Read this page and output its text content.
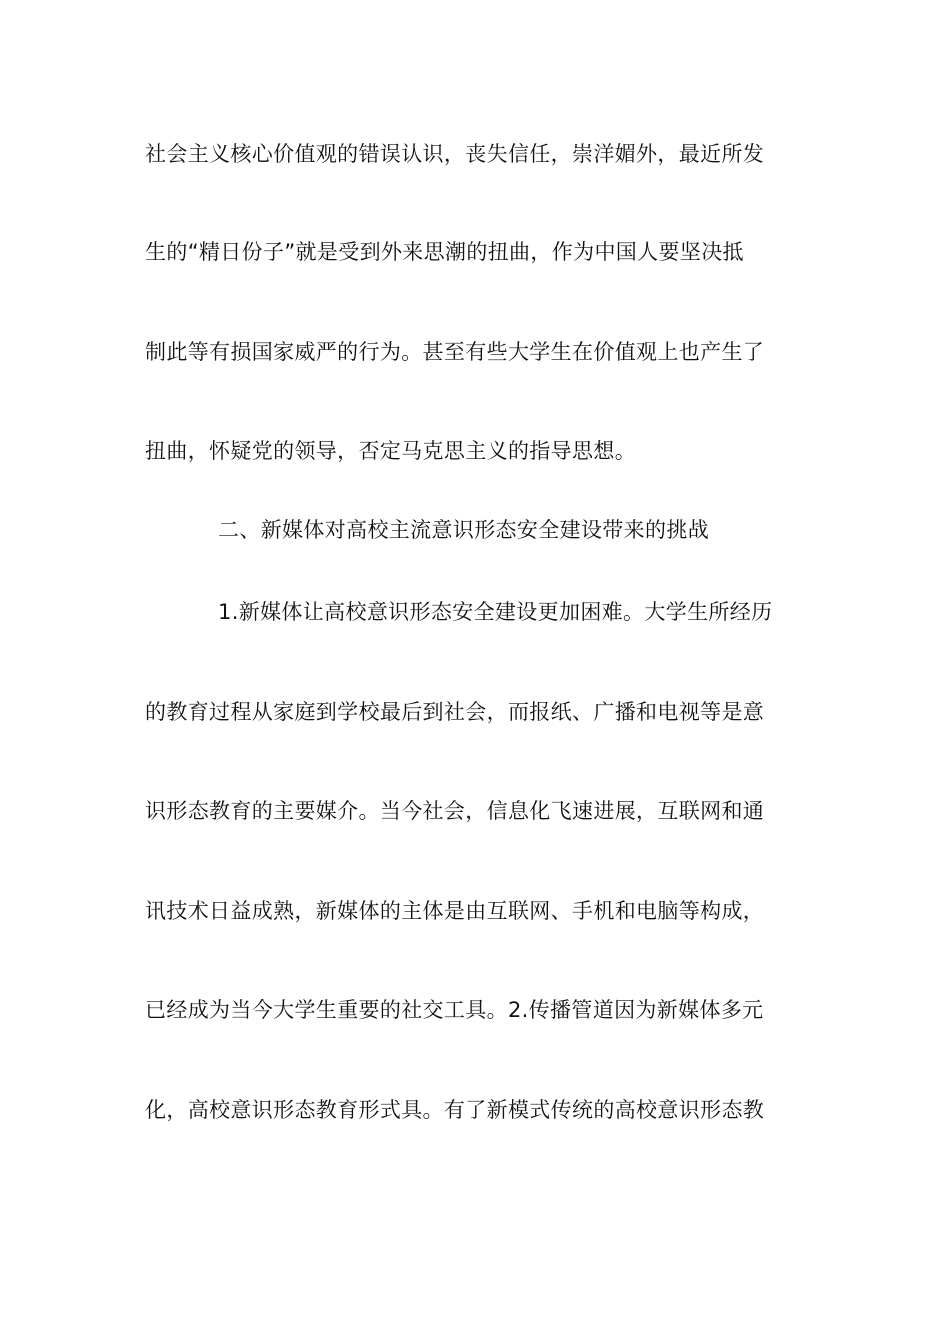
社会主义核心价值观的错误认识，丧失信任，崇洋媚外，最近所发
生的“精日份子”就是受到外来思潮的扭曲，作为中国人要坚决抵
制此等有损国家威严的行为。甚至有些大学生在价值观上也产生了
扭曲，怀疑党的领导，否定马克思主义的指导思想。
二、新媒体对高校主流意识形态安全建设带来的挑战
1.新媒体让高校意识形态安全建设更加困难。大学生所经历
的教育过程从家庭到学校最后到社会，而报纸、广播和电视等是意
识形态教育的主要媒介。当今社会，信息化飞速进展，互联网和通
讯技术日益成熟，新媒体的主体是由互联网、手机和电脑等构成，
已经成为当今大学生重要的社交工具。2.传播管道因为新媒体多元
化，高校意识形态教育形式具。有了新模式传统的高校意识形态教
